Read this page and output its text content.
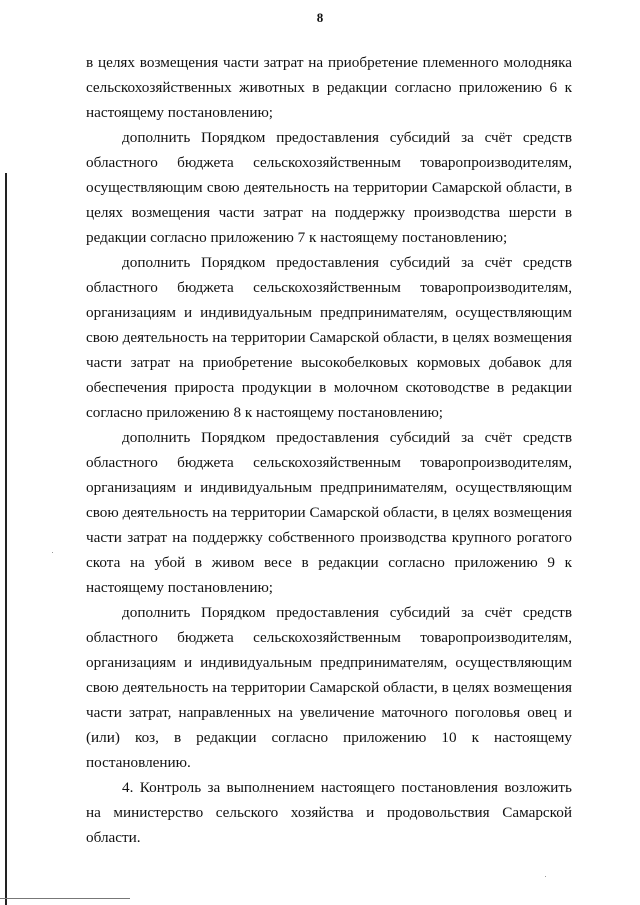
8

в целях возмещения части затрат на приобретение племенного молодняка сельскохозяйственных животных в редакции согласно приложению 6 к настоящему постановлению;

дополнить Порядком предоставления субсидий за счёт средств областного бюджета сельскохозяйственным товаропроизводителям, осуществляющим свою деятельность на территории Самарской области, в целях возмещения части затрат на поддержку производства шерсти в редакции согласно приложению 7 к настоящему постановлению;

дополнить Порядком предоставления субсидий за счёт средств областного бюджета сельскохозяйственным товаропроизводителям, организациям и индивидуальным предпринимателям, осуществляющим свою деятельность на территории Самарской области, в целях возмещения части затрат на приобретение высокобелковых кормовых добавок для обеспечения прироста продукции в молочном скотоводстве в редакции согласно приложению 8 к настоящему постановлению;

дополнить Порядком предоставления субсидий за счёт средств областного бюджета сельскохозяйственным товаропроизводителям, организациям и индивидуальным предпринимателям, осуществляющим свою деятельность на территории Самарской области, в целях возмещения части затрат на поддержку собственного производства крупного рогатого скота на убой в живом весе в редакции согласно приложению 9 к настоящему постановлению;

дополнить Порядком предоставления субсидий за счёт средств областного бюджета сельскохозяйственным товаропроизводителям, организациям и индивидуальным предпринимателям, осуществляющим свою деятельность на территории Самарской области, в целях возмещения части затрат, направленных на увеличение маточного поголовья овец и (или) коз, в редакции согласно приложению 10 к настоящему постановлению.

4. Контроль за выполнением настоящего постановления возложить на министерство сельского хозяйства и продовольствия Самарской области.
